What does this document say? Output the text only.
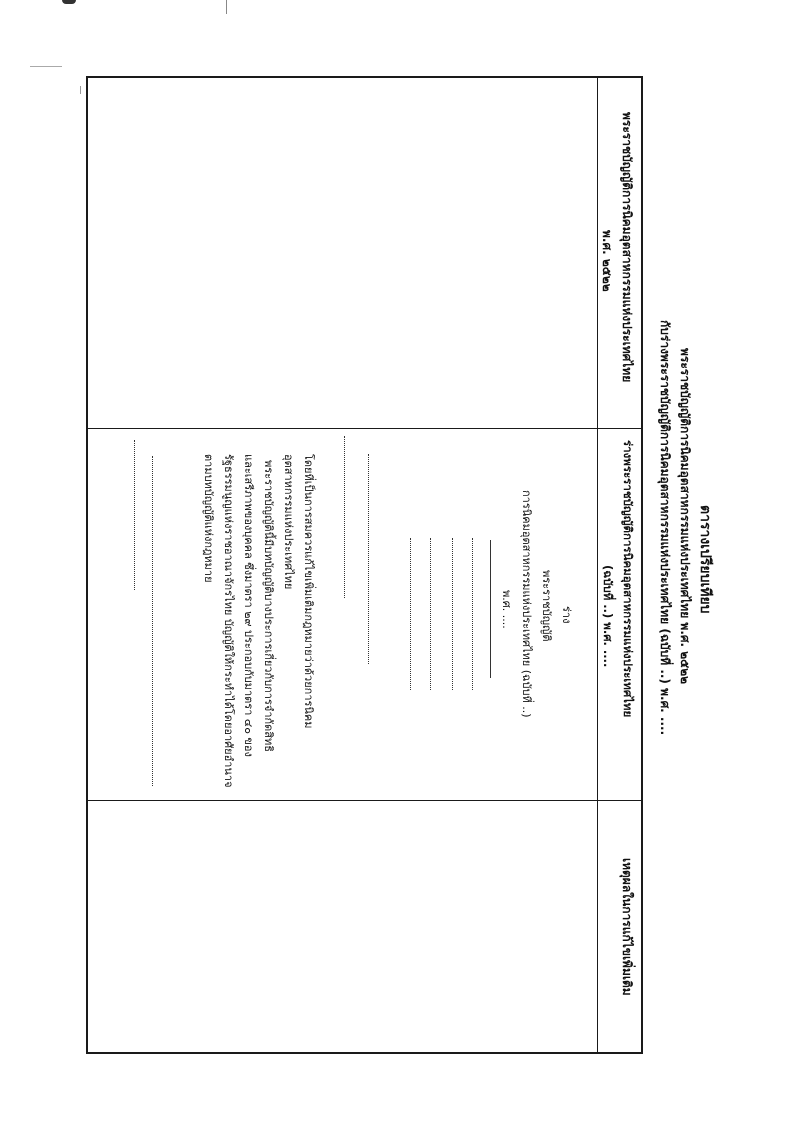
ตารางเปรียบเทียบ
พระราชบัญญัติการนิคมอุตสาหกรรมแห่งประเทศไทย พ.ศ. ๒๕๒๒
กับร่างพระราชบัญญัติการนิคมอุตสาหกรรมแห่งประเทศไทย (ฉบับที่ ..) พ.ศ. ....
พระราชบัญญัติการนิคมอุตสาหกรรมแห่งประเทศไทย
พ.ศ. ๒๕๒๒
ร่างพระราชบัญญัติการนิคมอุตสาหกรรมแห่งประเทศไทย
(ฉบับที่ ..) พ.ศ. ....
เหตุผลในการแก้ไขเพิ่มเติม
ร่าง
พระราชบัญญัติ
การนิคมอุตสาหกรรมแห่งประเทศไทย (ฉบับที่ ..)
พ.ศ. ....
โดยที่เป็นการสมควรแก้ไขเพิ่มเติมกฎหมายว่าด้วยการนิคม
อุตสาหกรรมแห่งประเทศไทย
พระราชบัญญัตินี้มีบทบัญญัติบางประการเกี่ยวกับการจำกัดสิทธิ
และเสรีภาพของบุคคล ซึ่งมาตรา ๒๙ ประกอบกับมาตรา ๔๐ ของ
รัฐธรรมนูญแห่งราชอาณาจักรไทย บัญญัติให้กระทำได้โดยอาศัยอำนาจ
ตามบทบัญญัติแห่งกฎหมาย
